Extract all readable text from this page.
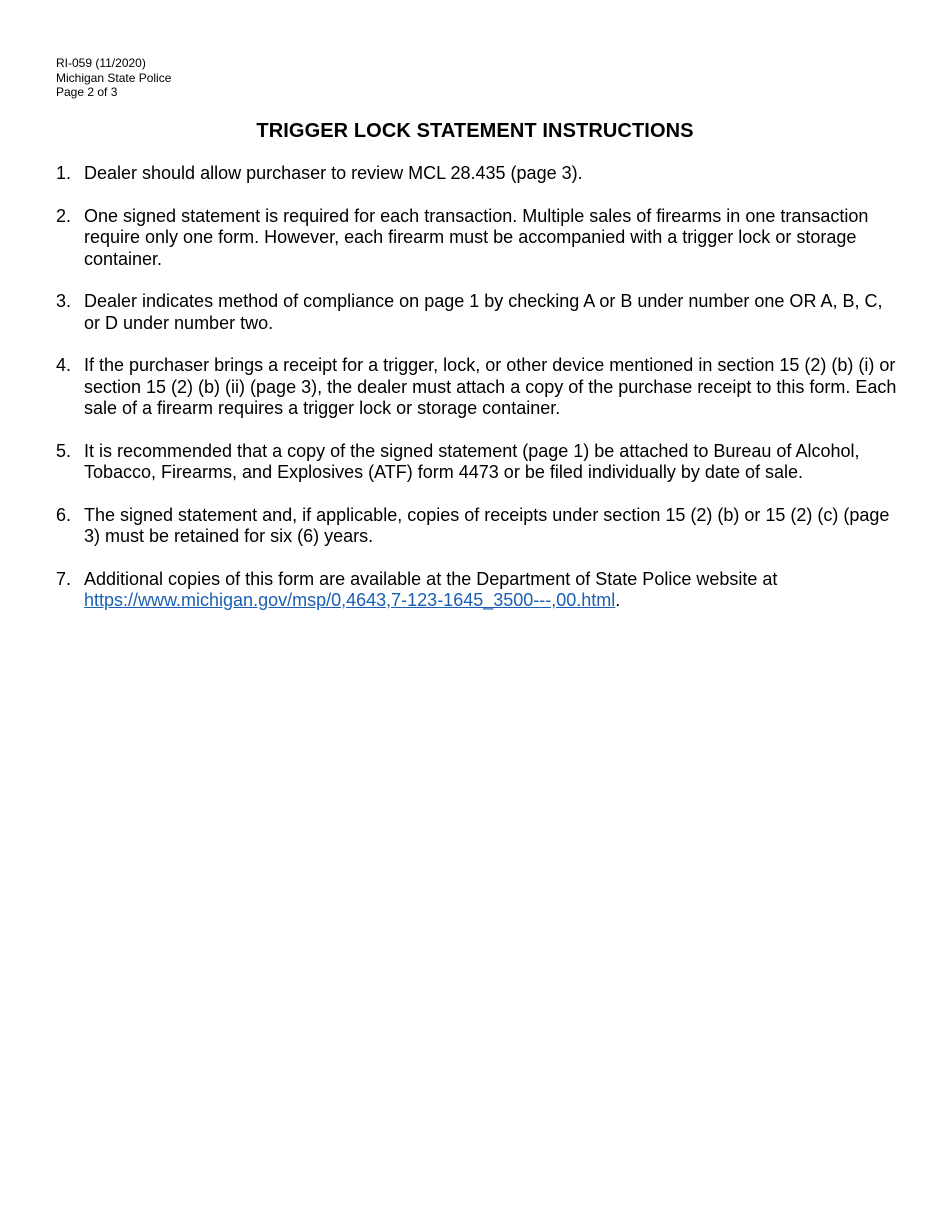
RI-059 (11/2020)
Michigan State Police
Page 2 of 3
TRIGGER LOCK STATEMENT INSTRUCTIONS
1. Dealer should allow purchaser to review MCL 28.435 (page 3).
2. One signed statement is required for each transaction. Multiple sales of firearms in one transaction require only one form. However, each firearm must be accompanied with a trigger lock or storage container.
3. Dealer indicates method of compliance on page 1 by checking A or B under number one OR A, B, C, or D under number two.
4. If the purchaser brings a receipt for a trigger, lock, or other device mentioned in section 15 (2) (b) (i) or section 15 (2) (b) (ii) (page 3), the dealer must attach a copy of the purchase receipt to this form. Each sale of a firearm requires a trigger lock or storage container.
5. It is recommended that a copy of the signed statement (page 1) be attached to Bureau of Alcohol, Tobacco, Firearms, and Explosives (ATF) form 4473 or be filed individually by date of sale.
6. The signed statement and, if applicable, copies of receipts under section 15 (2) (b) or 15 (2) (c) (page 3) must be retained for six (6) years.
7. Additional copies of this form are available at the Department of State Police website at
https://www.michigan.gov/msp/0,4643,7-123-1645_3500---,00.html.
